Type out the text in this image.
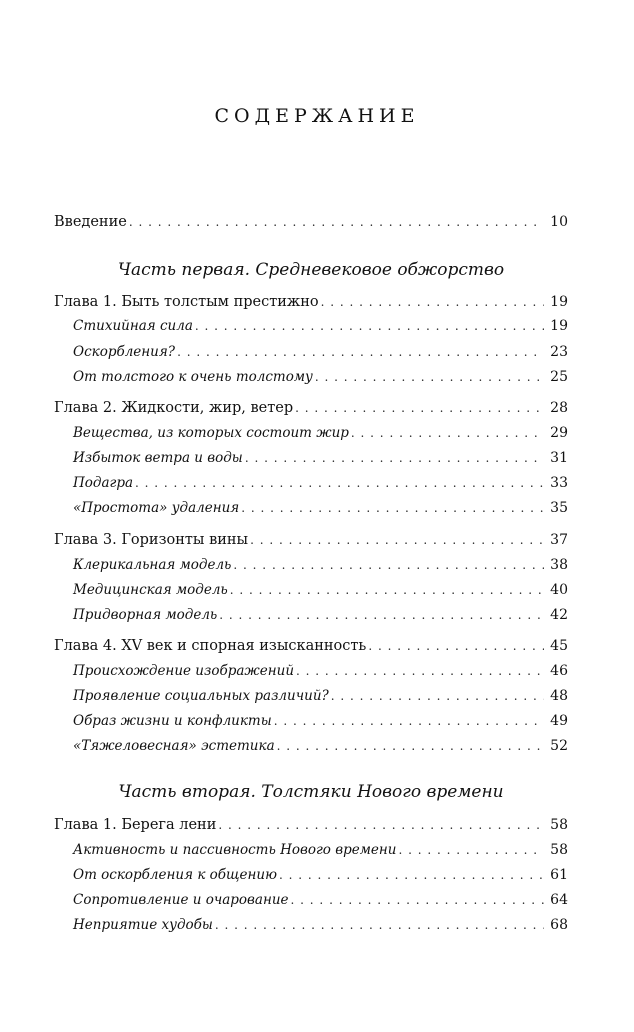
СОДЕРЖАНИЕ
Введение . . .	10
Часть первая. Средневековое обжорство
Глава 1. Быть толстым престижно . . .	19
Стихийная сила . . .	19
Оскорбления? . . .	23
От толстого к очень толстому . . .	25
Глава 2. Жидкости, жир, ветер . . .	28
Вещества, из которых состоит жир . . .	29
Избыток ветра и воды . . .	31
Подагра . . .	33
«Простота» удаления . . .	35
Глава 3. Горизонты вины . . .	37
Клерикальная модель . . .	38
Медицинская модель . . .	40
Придворная модель . . .	42
Глава 4. XV век и спорная изысканность . . .	45
Происхождение изображений . . .	46
Проявление социальных различий? . . .	48
Образ жизни и конфликты . . .	49
«Тяжеловесная» эстетика . . .	52
Часть вторая. Толстяки Нового времени
Глава 1. Берега лени . . .	58
Активность и пассивность Нового времени . . .	58
От оскорбления к общению . . .	61
Сопротивление и очарование . . .	64
Неприятие худобы . . .	68
